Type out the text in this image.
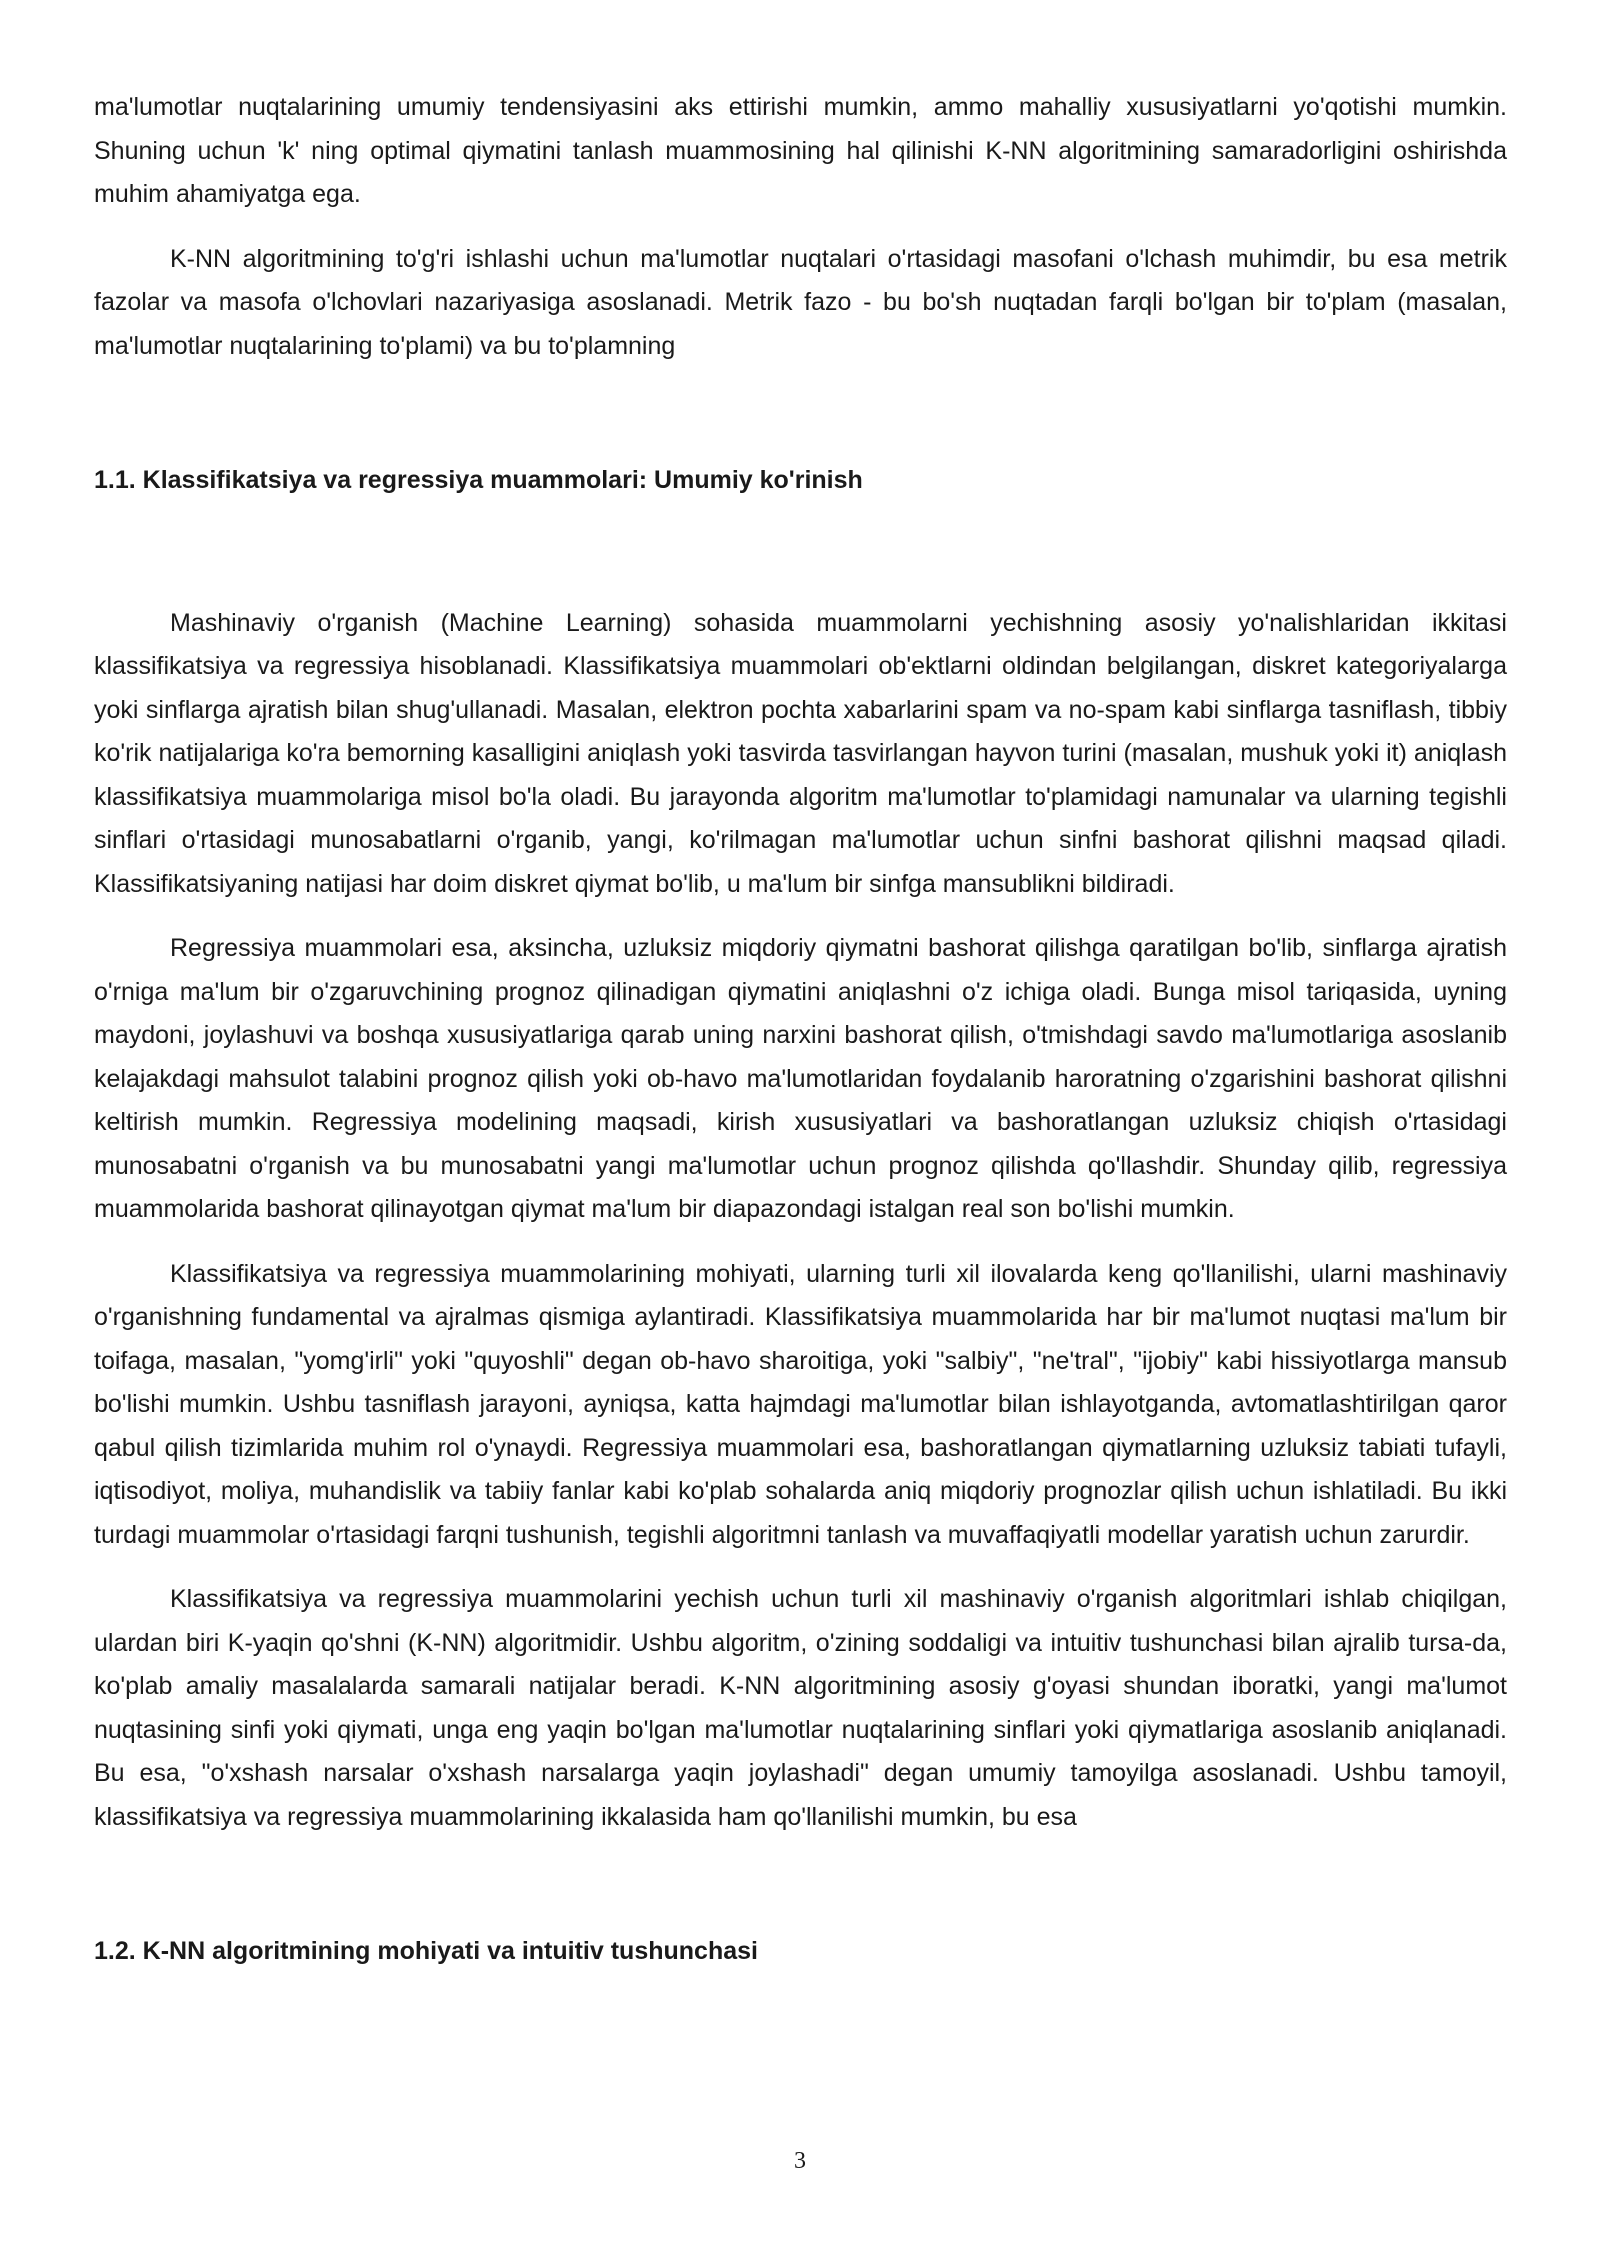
ma'lumotlar nuqtalarining umumiy tendensiyasini aks ettirishi mumkin, ammo mahalliy xususiyatlarni yo'qotishi mumkin. Shuning uchun 'k' ning optimal qiymatini tanlash muammosining hal qilinishi K-NN algoritmining samaradorligini oshirishda muhim ahamiyatga ega.

K-NN algoritmining to'g'ri ishlashi uchun ma'lumotlar nuqtalari o'rtasidagi masofani o'lchash muhimdir, bu esa metrik fazolar va masofa o'lchovlari nazariyasiga asoslanadi. Metrik fazo - bu bo'sh nuqtadan farqli bo'lgan bir to'plam (masalan, ma'lumotlar nuqtalarining to'plami) va bu to'plamning

1.1. Klassifikatsiya va regressiya muammolari: Umumiy ko'rinish

Mashinaviy o'rganish (Machine Learning) sohasida muammolarni yechishning asosiy yo'nalishlaridan ikkitasi klassifikatsiya va regressiya hisoblanadi. Klassifikatsiya muammolari ob'ektlarni oldindan belgilangan, diskret kategoriyalarga yoki sinflarga ajratish bilan shug'ullanadi. Masalan, elektron pochta xabarlarini spam va no-spam kabi sinflarga tasniflash, tibbiy ko'rik natijalariga ko'ra bemorning kasalligini aniqlash yoki tasvirda tasvirlangan hayvon turini (masalan, mushuk yoki it) aniqlash klassifikatsiya muammolariga misol bo'la oladi. Bu jarayonda algoritm ma'lumotlar to'plamidagi namunalar va ularning tegishli sinflari o'rtasidagi munosabatlarni o'rganib, yangi, ko'rilmagan ma'lumotlar uchun sinfni bashorat qilishni maqsad qiladi. Klassifikatsiyaning natijasi har doim diskret qiymat bo'lib, u ma'lum bir sinfga mansublikni bildiradi.

Regressiya muammolari esa, aksincha, uzluksiz miqdoriy qiymatni bashorat qilishga qaratilgan bo'lib, sinflarga ajratish o'rniga ma'lum bir o'zgaruvchining prognoz qilinadigan qiymatini aniqlashni o'z ichiga oladi. Bunga misol tariqasida, uyning maydoni, joylashuvi va boshqa xususiyatlariga qarab uning narxini bashorat qilish, o'tmishdagi savdo ma'lumotlariga asoslanib kelajakdagi mahsulot talabini prognoz qilish yoki ob-havo ma'lumotlaridan foydalanib haroratning o'zgarishini bashorat qilishni keltirish mumkin. Regressiya modelining maqsadi, kirish xususiyatlari va bashoratlangan uzluksiz chiqish o'rtasidagi munosabatni o'rganish va bu munosabatni yangi ma'lumotlar uchun prognoz qilishda qo'llashdir. Shunday qilib, regressiya muammolarida bashorat qilinayotgan qiymat ma'lum bir diapazondagi istalgan real son bo'lishi mumkin.

Klassifikatsiya va regressiya muammolarining mohiyati, ularning turli xil ilovalarda keng qo'llanilishi, ularni mashinaviy o'rganishning fundamental va ajralmas qismiga aylantiradi. Klassifikatsiya muammolarida har bir ma'lumot nuqtasi ma'lum bir toifaga, masalan, "yomg'irli" yoki "quyoshli" degan ob-havo sharoitiga, yoki "salbiy", "ne'tral", "ijobiy" kabi hissiyotlarga mansub bo'lishi mumkin. Ushbu tasniflash jarayoni, ayniqsa, katta hajmdagi ma'lumotlar bilan ishlayotganda, avtomatlashtirilgan qaror qabul qilish tizimlarida muhim rol o'ynaydi. Regressiya muammolari esa, bashoratlangan qiymatlarning uzluksiz tabiati tufayli, iqtisodiyot, moliya, muhandislik va tabiiy fanlar kabi ko'plab sohalarda aniq miqdoriy prognozlar qilish uchun ishlatiladi. Bu ikki turdagi muammolar o'rtasidagi farqni tushunish, tegishli algoritmni tanlash va muvaffaqiyatli modellar yaratish uchun zarurdir.

Klassifikatsiya va regressiya muammolarini yechish uchun turli xil mashinaviy o'rganish algoritmlari ishlab chiqilgan, ulardan biri K-yaqin qo'shni (K-NN) algoritmidir. Ushbu algoritm, o'zining soddaligi va intuitiv tushunchasi bilan ajralib tursa-da, ko'plab amaliy masalalarda samarali natijalar beradi. K-NN algoritmining asosiy g'oyasi shundan iboratki, yangi ma'lumot nuqtasining sinfi yoki qiymati, unga eng yaqin bo'lgan ma'lumotlar nuqtalarining sinflari yoki qiymatlariga asoslanib aniqlanadi. Bu esa, "o'xshash narsalar o'xshash narsalarga yaqin joylashadi" degan umumiy tamoyilga asoslanadi. Ushbu tamoyil, klassifikatsiya va regressiya muammolarining ikkalasida ham qo'llanilishi mumkin, bu esa

1.2. K-NN algoritmining mohiyati va intuitiv tushunchasi

3
